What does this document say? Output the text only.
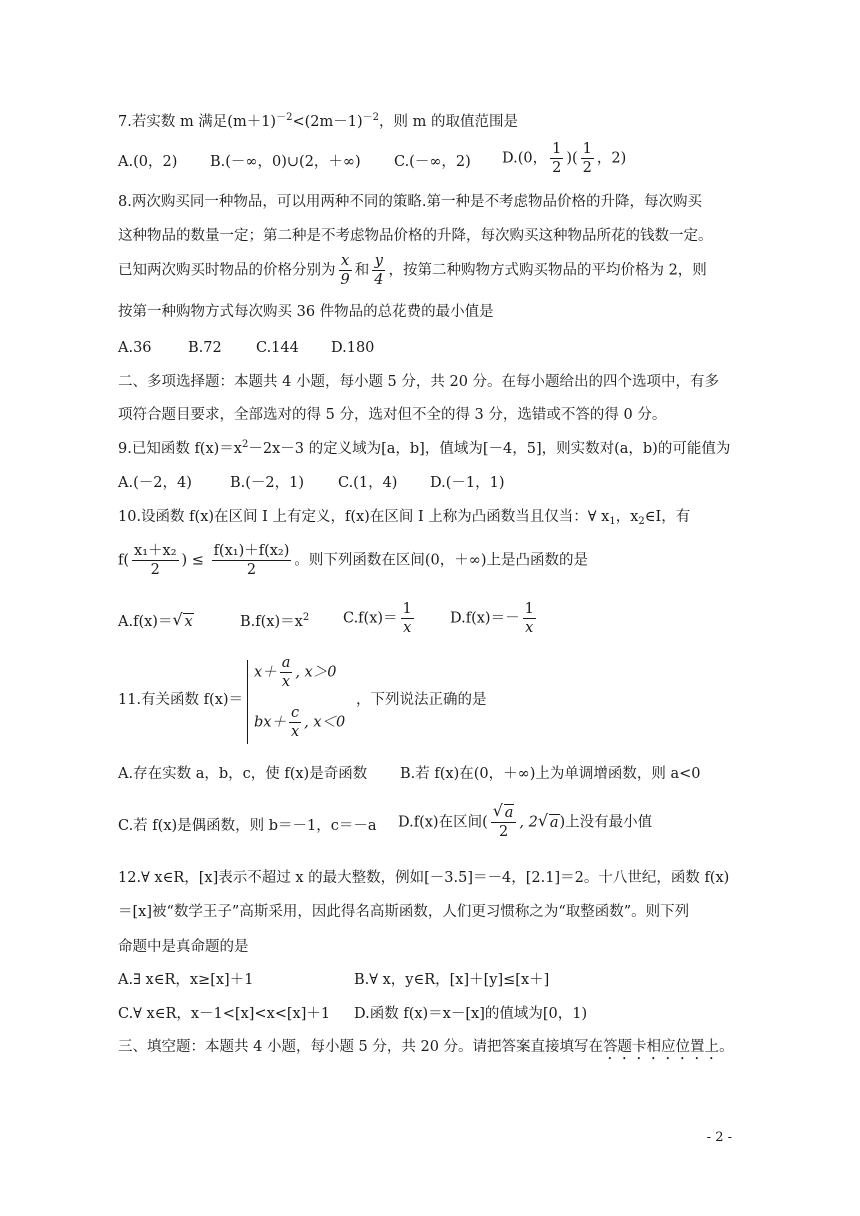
7.若实数 m 满足$(m+1)^{-2}<(2m-1)^{-2}$，则 m 的取值范围是
A.(0，2) B.(－∞，0)∪(2，＋∞) C.(－∞，2) D.(0， $\frac{1}{2}$ )( $\frac{1}{2}$ ，2)
8.两次购买同一种物品，可以用两种不同的策略.第一种是不考虑物品价格的升降，每次购买
这种物品的数量一定；第二种是不考虑物品价格的升降，每次购买这种物品所花的钱数一定。
已知两次购买时物品的价格分别为 $\frac{x}{9}$ 和 $\frac{y}{4}$ ，按第二种购物方式购买物品的平均价格为 2，则
按第一种购物方式每次购买 36 件物品的总花费的最小值是
A.36	B.72 C.144 D.180
二、多项选择题：本题共 4 小题，每小题 5 分，共 20 分。在每小题给出的四个选项中，有多
项符合题目要求，全部选对的得 5 分，选对但不全的得 3 分，选错或不答的得 0 分。
9.已知函数 $f(x)=x^2-2x-3$ 的定义域为[a，b]，值域为[－4，5]，则实数对(a，b)的可能值为
A.(－2，4)	B.(－2，1) C.(1，4) D.(－1，1)
10.设函数 f(x)在区间 I 上有定义，f(x)在区间 I 上称为凸函数当且仅当：∀ $x_1$，$x_2\in I$，有
$f( \frac{\text{x₁＋x₂}}{2}$ ) ≤ $\frac{\text{f(x₁)＋f(x₂)}}{2}$ 。则下列函数在区间(0，＋∞)上是凸函数的是
A.f(x)＝ √ x	$B.f(x)=x^2$ $C.f(x)= \frac{1}{x} D.f(x)=- \frac{1}{x}$
11.有关函数 f(x)＝
$x+ \frac{a}{x}$ , x＞0
$bx+ \frac{c}{x}$ , x＜0
，下列说法正确的是
A.存在实数 a，b，c，使 f(x)是奇函数 B.若 f(x)在(0，＋∞)上为单调增函数，则 a<0
C.若 f(x)是偶函数，则 b＝－1，c＝－a D.f(x)在区间( √ $\frac{a}{2}$ , 2 √ a)上没有最小值
12.∀ x∈R，[x]表示不超过 x 的最大整数，例如[－3.5]＝－4，[2.1]＝2。十八世纪，函数 f(x)
＝[x]被“数学王子”高斯采用，因此得名高斯函数，人们更习惯称之为“取整函数”。则下列
命题中是真命题的是
A.∃ x∈R，x≥[x]＋1	B.∀ x，y∈R，[x]＋[y]≤[x＋]
C.∀ x∈R，x－1<[x]<x<[x]＋1 D.函数 f(x)＝x－[x]的值域为[0，1)
三、填空题：本题共 4 小题，每小题 5 分，共 20 分。请把答案直接填写在答题卡相应位置上。
- 2 -
